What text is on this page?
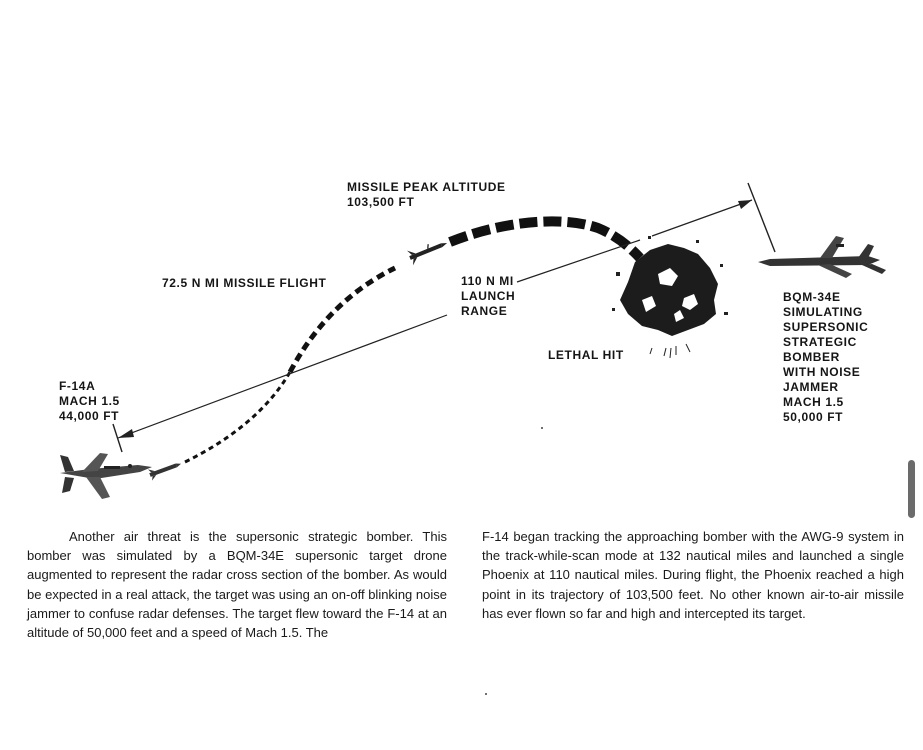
MISSILE PEAK ALTITUDE
103,500 FT
72.5 N MI MISSILE FLIGHT	110 N MI
LAUNCH
RANGE
F-14A
MACH 1.5
44,000 FT
LETHAL HIT
BQM-34E
SIMULATING
SUPERSONIC
STRATEGIC
BOMBER
WITH NOISE
JAMMER
MACH 1.5
50,000 FT

Another air threat is the supersonic strategic bomber. This bomber was simulated by a BQM-34E supersonic target drone augmented to represent the radar cross section of the bomber. As would be expected in a real attack, the target was using an on-off blinking noise jammer to confuse radar defenses. The target flew toward the F-14 at an altitude of 50,000 feet and a speed of Mach 1.5. The

F-14 began tracking the approaching bomber with the AWG-9 system in the track-while-scan mode at 132 nautical miles and launched a single Phoenix at 110 nautical miles. During flight, the Phoenix reached a high point in its trajectory of 103,500 feet. No other known air-to-air missile has ever flown so far and high and intercepted its target.
